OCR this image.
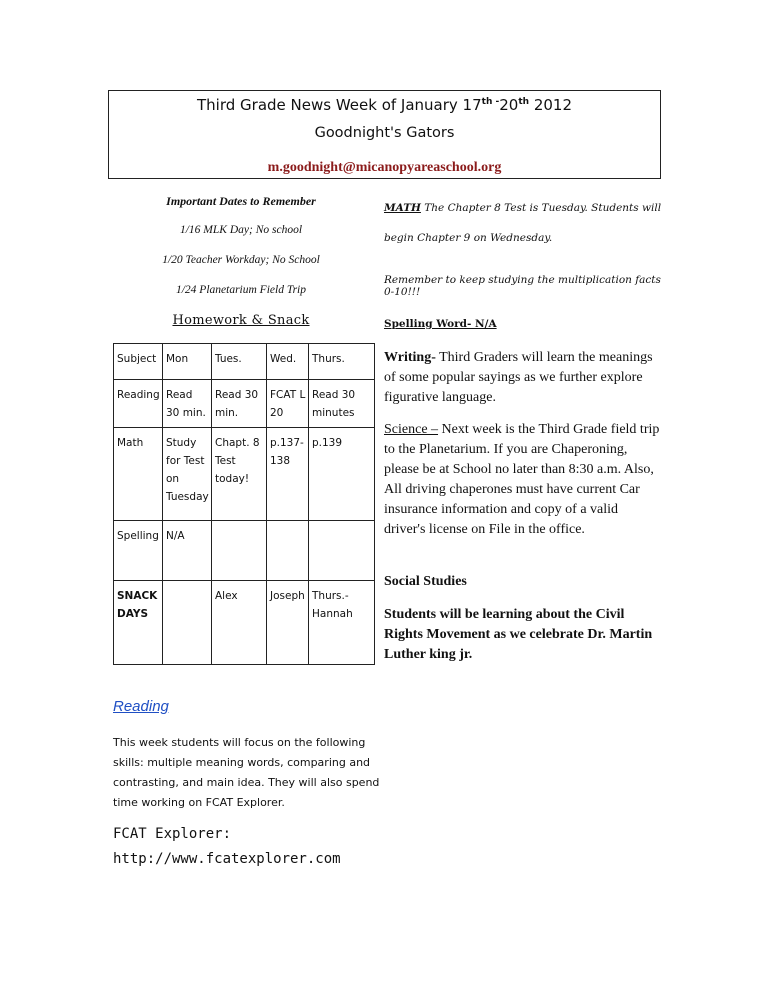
Third Grade News Week of January $17^{th -}20th$ 2012
Goodnight's Gators
m.goodnight@micanopyareaschool.org
Important Dates to Remember
1/16 MLK Day; No school
1/20 Teacher Workday; No School
1/24 Planetarium Field Trip
Homework & Snack
Subject	Mon	Tues.	Wed.	Thurs.
Reading	Read 30 min.	Read 30 min.	FCAT L 20	Read 30 minutes
Math	Study for Test on Tuesday	Chapt. 8 Test today!	p.137-138	p.139
Spelling	N/A			
SNACK DAYS		Alex	Joseph	Thurs.- Hannah
MATH The Chapter 8 Test is Tuesday. Students will
begin Chapter 9 on Wednesday.
Remember to keep studying the multiplication facts 0-10!!!
Spelling Word- N/A
Writing- Third Graders will learn the meanings of some popular sayings as we further explore figurative language.
Science – Next week is the Third Grade field trip to the Planetarium. If you are Chaperoning, please be at School no later than 8:30 a.m. Also, All driving chaperones must have current Car insurance information and copy of a valid driver's license on File in the office.
Social Studies
Students will be learning about the Civil Rights Movement as we celebrate Dr. Martin Luther king jr.
Reading
This week students will focus on the following skills: multiple meaning words, comparing and contrasting, and main idea. They will also spend time working on FCAT Explorer.
FCAT Explorer:
http://www.fcatexplorer.com
